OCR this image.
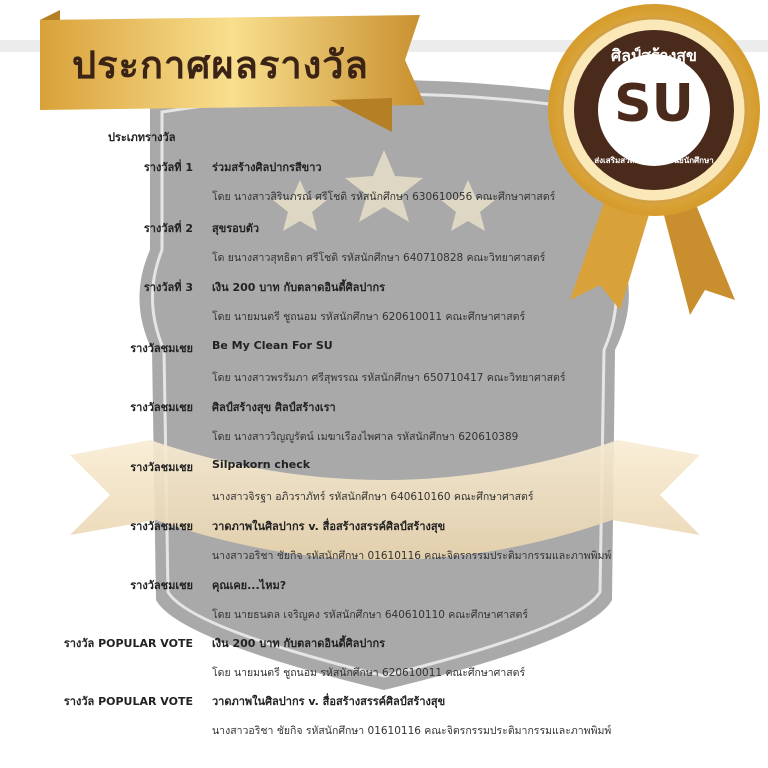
ประกาศผลรางวัล	ศิลป์สร้างสุข
SU
ส่งเสริมสวัสดิภาพและวินัยนักศึกษา
ประเภทรางวัล
รางวัลที่ 1 ร่วมสร้างศิลปากรสีขาว
โดย นางสาวสิรินภรณ์ ศรีโชติ รหัสนักศึกษา 630610056 คณะศึกษาศาสตร์
รางวัลที่ 2 สุขรอบตัว
โด ยนางสาวสุทธิดา ศรีโชติ รหัสนักศึกษา 640710828 คณะวิทยาศาสตร์
รางวัลที่ 3 เงิน 200 บาท กับตลาดอินดี้ศิลปากร
โดย นายมนตรี ชูถนอม รหัสนักศึกษา 620610011 คณะศึกษาศาสตร์
รางวัลชมเชย Be My Clean For SU
โดย นางสาวพรรัมภา ศรีสุพรรณ รหัสนักศึกษา 650710417 คณะวิทยาศาสตร์
รางวัลชมเชย ศิลป์สร้างสุข ศิลป์สร้างเรา
โดย นางสาววิญญูรัตน์ เมฆาเรืองไพศาล รหัสนักศึกษา 620610389
รางวัลชมเชย Silpakorn check
นางสาวจิรฐา อภิวราภัทร์ รหัสนักศึกษา 640610160 คณะศึกษาศาสตร์
รางวัลชมเชย วาดภาพในศิลปากร v. สื่อสร้างสรรค์ศิลป์สร้างสุข
นางสาวอริชา ชัยกิจ รหัสนักศึกษา 01610116 คณะจิตรกรรมประติมากรรมและภาพพิมพ์
รางวัลชมเชย คุณเคย...ไหม?
โดย นายธนดล เจริญคง รหัสนักศึกษา 640610110 คณะศึกษาศาสตร์
รางวัล POPULAR VOTE เงิน 200 บาท กับตลาดอินดี้ศิลปากร
โดย นายมนตรี ชูถนอม รหัสนักศึกษา 620610011 คณะศึกษาศาสตร์
รางวัล POPULAR VOTE วาดภาพในศิลปากร v. สื่อสร้างสรรค์ศิลป์สร้างสุข
นางสาวอริชา ชัยกิจ รหัสนักศึกษา 01610116 คณะจิตรกรรมประติมากรรมและภาพพิมพ์
